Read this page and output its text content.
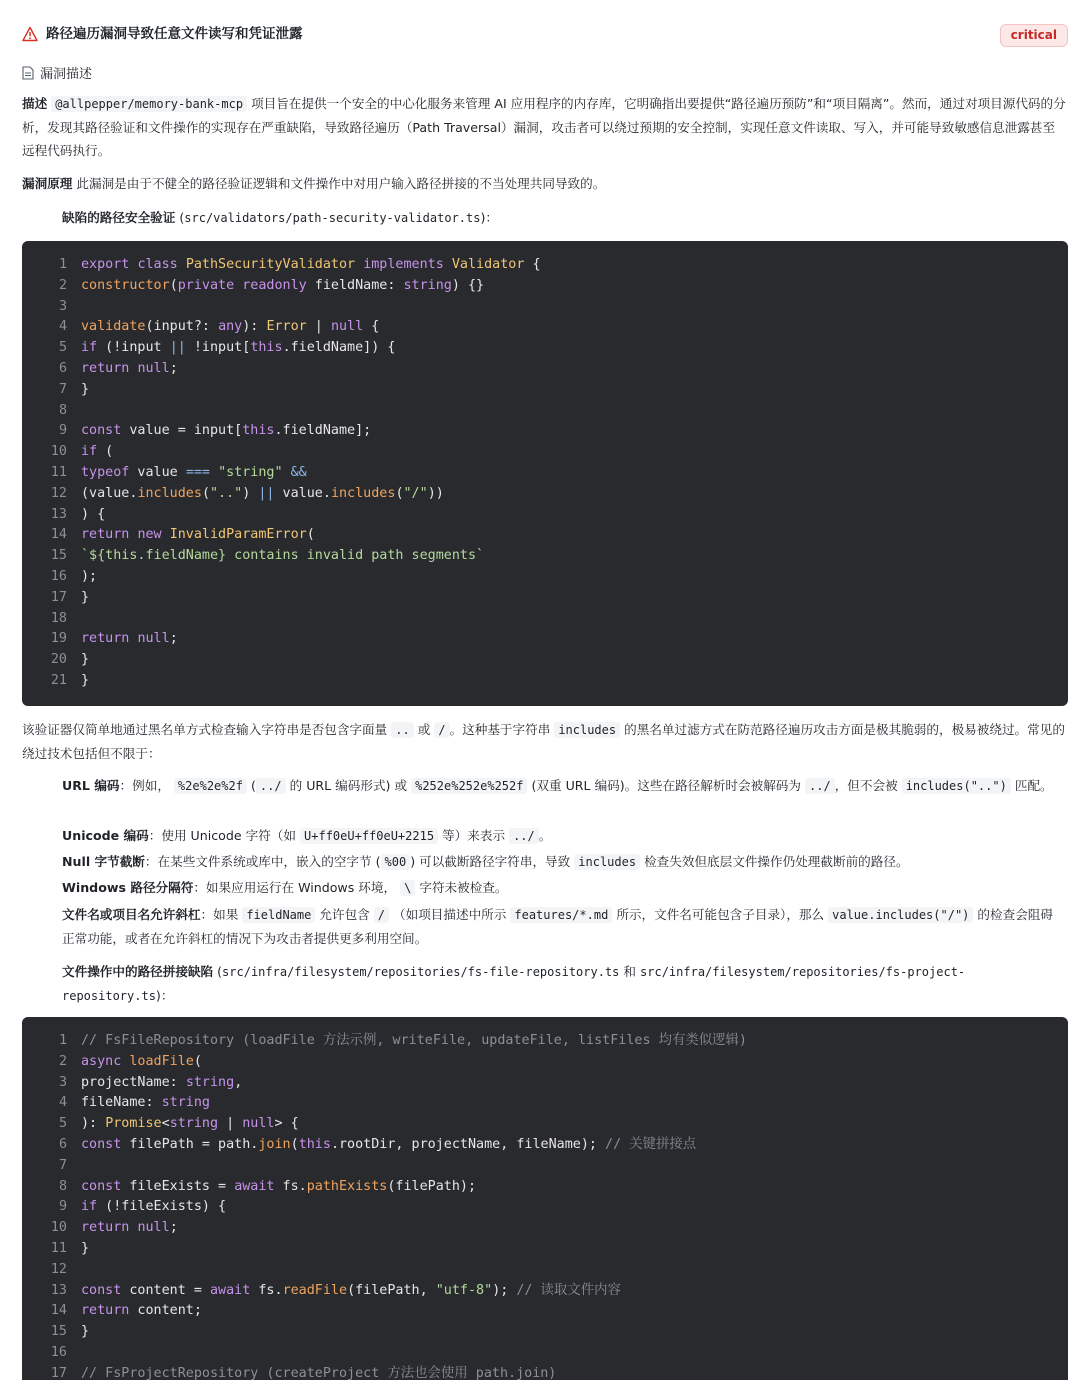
路径遍历漏洞导致任意文件读写和凭证泄露	critical
漏洞描述
描述 @allpepper/memory-bank-mcp 项目旨在提供一个安全的中心化服务来管理 AI 应用程序的内存库，它明确指出要提供“路径遍历预防”和“项目隔离”。然而，通过对项目源代码的分析，发现其路径验证和文件操作的实现存在严重缺陷，导致路径遍历（Path Traversal）漏洞，攻击者可以绕过预期的安全控制，实现任意文件读取、写入，并可能导致敏感信息泄露甚至远程代码执行。
漏洞原理 此漏洞是由于不健全的路径验证逻辑和文件操作中对用户输入路径拼接的不当处理共同导致的。
缺陷的路径安全验证 (src/validators/path-security-validator.ts)：
1 export class PathSecurityValidator implements Validator {
2 constructor(private readonly fieldName: string) {}
3
4 validate(input?: any): Error | null {
5 if (!input || !input[this.fieldName]) {
6 return null;
7 }
8
9 const value = input[this.fieldName];
10 if (
11 typeof value === "string" &&
12 (value.includes("..") || value.includes("/"))
13 ) {
14 return new InvalidParamError(
15 `${this.fieldName} contains invalid path segments`
16 );
17 }
18
19 return null;
20 }
21 }
该验证器仅简单地通过黑名单方式检查输入字符串是否包含字面量 .. 或 / 。这种基于字符串 includes 的黑名单过滤方式在防范路径遍历攻击方面是极其脆弱的，极易被绕过。常见的绕过技术包括但不限于：
URL 编码：例如， %2e%2e%2f ( ../ 的 URL 编码形式) 或 %252e%252e%252f (双重 URL 编码)。这些在路径解析时会被解码为 ../ ，但不会被 includes("..") 匹配。
Unicode 编码：使用 Unicode 字符（如 U+ff0eU+ff0eU+2215 等）来表示 ../ 。
Null 字节截断：在某些文件系统或库中，嵌入的空字节 ( %00 ) 可以截断路径字符串，导致 includes 检查失效但底层文件操作仍处理截断前的路径。
Windows 路径分隔符：如果应用运行在 Windows 环境， \ 字符未被检查。
文件名或项目名允许斜杠：如果 fieldName 允许包含 / （如项目描述中所示 features/*.md 所示，文件名可能包含子目录），那么 value.includes("/") 的检查会阻碍正常功能，或者在允许斜杠的情况下为攻击者提供更多利用空间。
文件操作中的路径拼接缺陷 (src/infra/filesystem/repositories/fs-file-repository.ts 和 src/infra/filesystem/repositories/fs-project-repository.ts)：
1 // FsFileRepository (loadFile 方法示例, writeFile, updateFile, listFiles 均有类似逻辑)
2 async loadFile(
3 projectName: string,
4 fileName: string
5 ): Promise<string | null> {
6 const filePath = path.join(this.rootDir, projectName, fileName); // 关键拼接点
7
8 const fileExists = await fs.pathExists(filePath);
9 if (!fileExists) {
10 return null;
11 }
12
13 const content = await fs.readFile(filePath, "utf-8"); // 读取文件内容
14 return content;
15 }
16
17 // FsProjectRepository (createProject 方法也会使用 path.join)
